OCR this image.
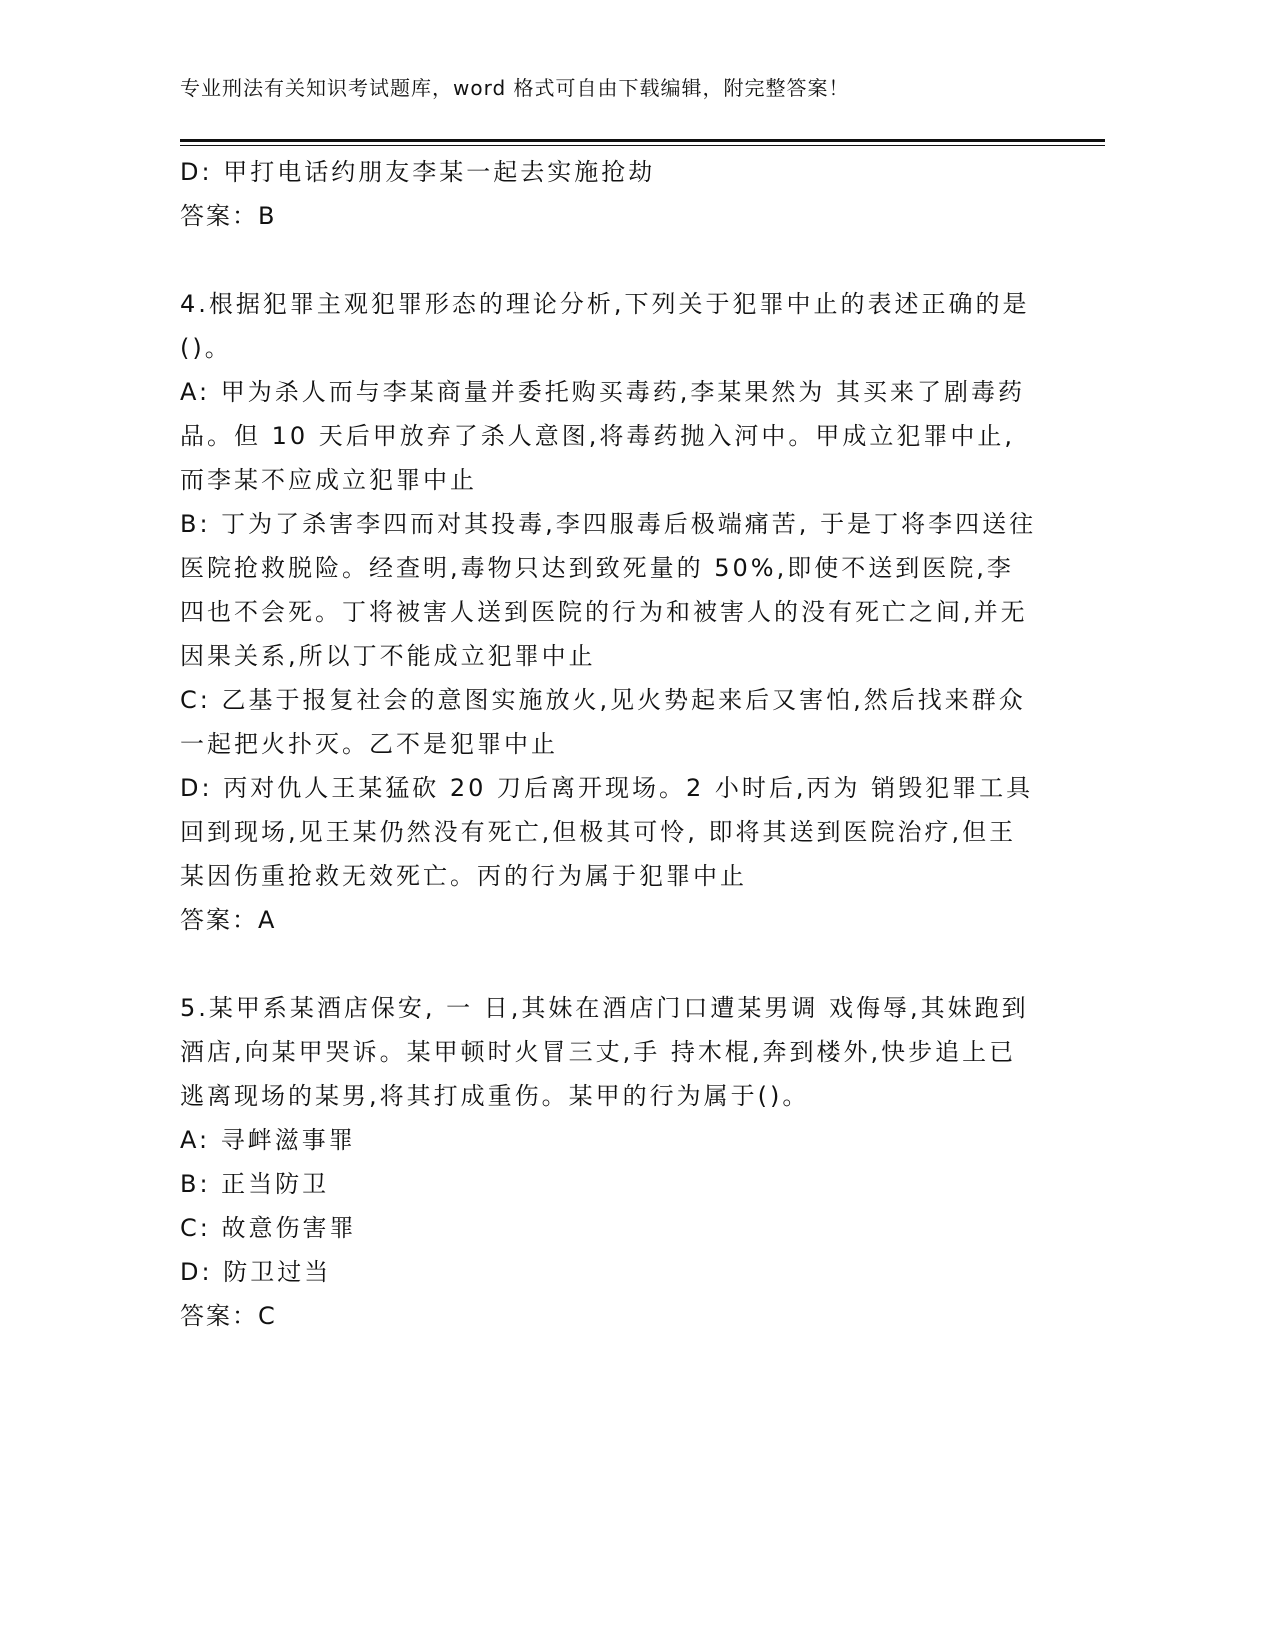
专业刑法有关知识考试题库，word 格式可自由下载编辑，附完整答案！

D: 甲打电话约朋友李某一起去实施抢劫

答案：B

4.根据犯罪主观犯罪形态的理论分析,下列关于犯罪中止的表述正确的是()。

A: 甲为杀人而与李某商量并委托购买毒药,李某果然为 其买来了剧毒药品。但 10 天后甲放弃了杀人意图,将毒药抛入河中。甲成立犯罪中止,而李某不应成立犯罪中止

B: 丁为了杀害李四而对其投毒,李四服毒后极端痛苦, 于是丁将李四送往医院抢救脱险。经查明,毒物只达到致死量的 50%,即使不送到医院,李四也不会死。丁将被害人送到医院的行为和被害人的没有死亡之间,并无因果关系,所以丁不能成立犯罪中止

C: 乙基于报复社会的意图实施放火,见火势起来后又害怕,然后找来群众一起把火扑灭。乙不是犯罪中止

D: 丙对仇人王某猛砍 20 刀后离开现场。2 小时后,丙为 销毁犯罪工具回到现场,见王某仍然没有死亡,但极其可怜, 即将其送到医院治疗,但王某因伤重抢救无效死亡。丙的行为属于犯罪中止

答案：A

5.某甲系某酒店保安, 一 日,其妹在酒店门口遭某男调 戏侮辱,其妹跑到酒店,向某甲哭诉。某甲顿时火冒三丈,手 持木棍,奔到楼外,快步追上已逃离现场的某男,将其打成重伤。某甲的行为属于()。

A: 寻衅滋事罪

B: 正当防卫

C: 故意伤害罪

D: 防卫过当

答案：C
